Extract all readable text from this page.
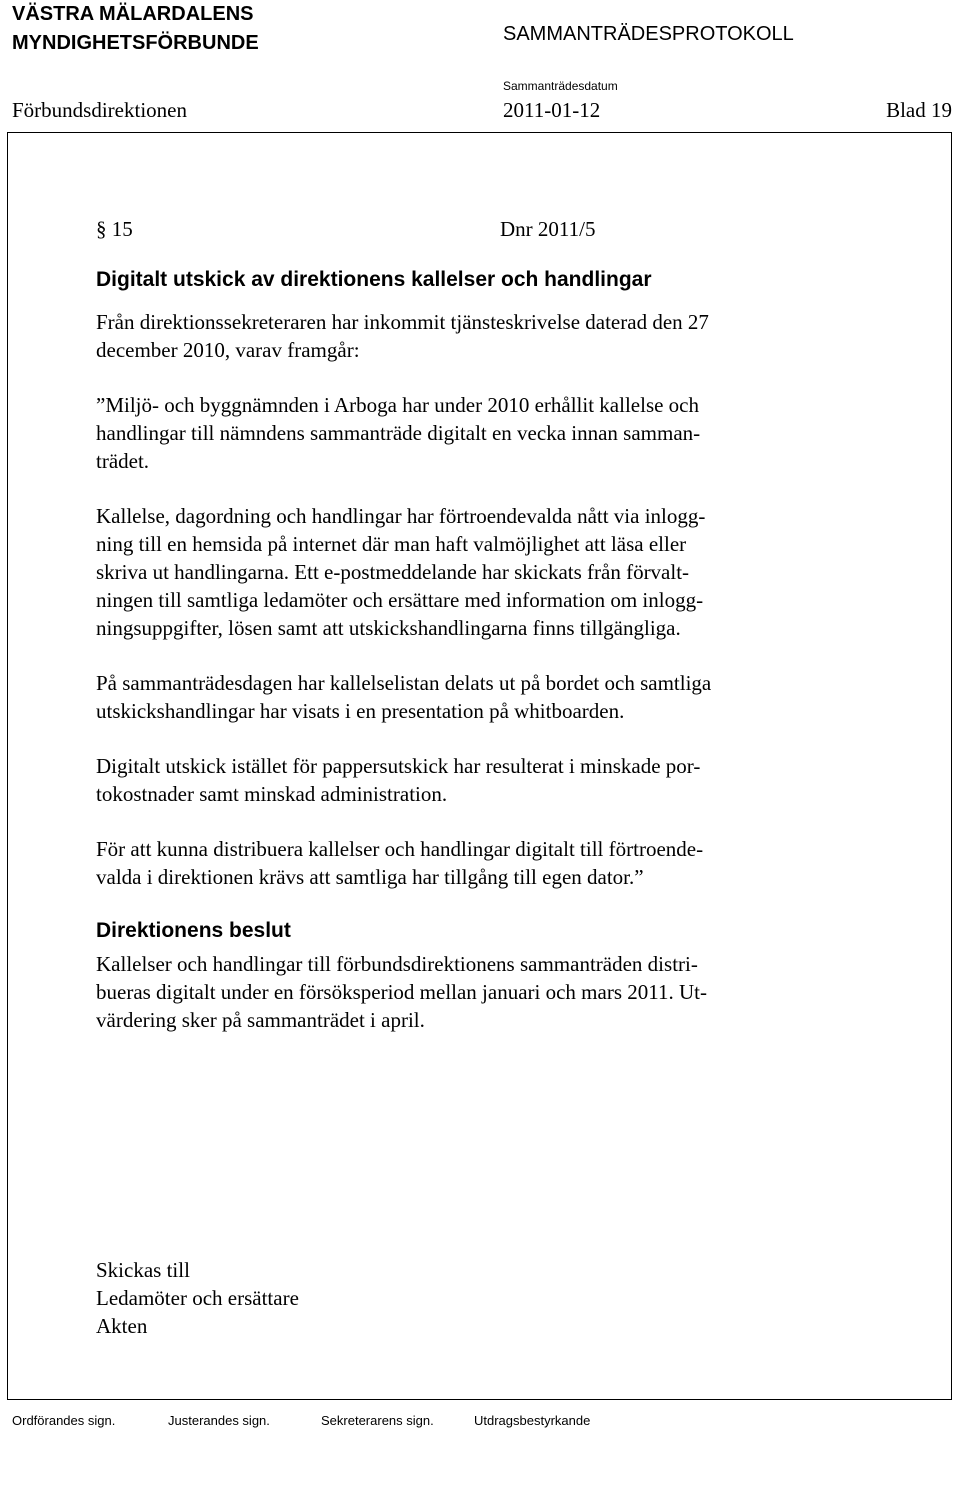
VÄSTRA MÄLARDALENS
MYNDIGHETSFÖRBUNDE	SAMMANTRÄDESPROTOKOLL
Sammanträdesdatum
Förbundsdirektionen	2011-01-12	Blad 19
§ 15	Dnr 2011/5
Digitalt utskick av direktionens kallelser och handlingar
Från direktionssekreteraren har inkommit tjänsteskrivelse daterad den 27
december 2010, varav framgår:
”Miljö- och byggnämnden i Arboga har under 2010 erhållit kallelse och
handlingar till nämndens sammanträde digitalt en vecka innan samman-
trädet.
Kallelse, dagordning och handlingar har förtroendevalda nått via inlogg-
ning till en hemsida på internet där man haft valmöjlighet att läsa eller
skriva ut handlingarna. Ett e-postmeddelande har skickats från förvalt-
ningen till samtliga ledamöter och ersättare med information om inlogg-
ningsuppgifter, lösen samt att utskickshandlingarna finns tillgängliga.
På sammanträdesdagen har kallelselistan delats ut på bordet och samtliga
utskickshandlingar har visats i en presentation på whitboarden.
Digitalt utskick istället för pappersutskick har resulterat i minskade por-
tokostnader samt minskad administration.
För att kunna distribuera kallelser och handlingar digitalt till förtroende-
valda i direktionen krävs att samtliga har tillgång till egen dator.”
Direktionens beslut
Kallelser och handlingar till förbundsdirektionens sammanträden distri-
bueras digitalt under en försöksperiod mellan januari och mars 2011. Ut-
värdering sker på sammanträdet i april.
Skickas till
Ledamöter och ersättare
Akten
Ordförandes sign.	Justerandes sign.	Sekreterarens sign.	Utdragsbestyrkande
